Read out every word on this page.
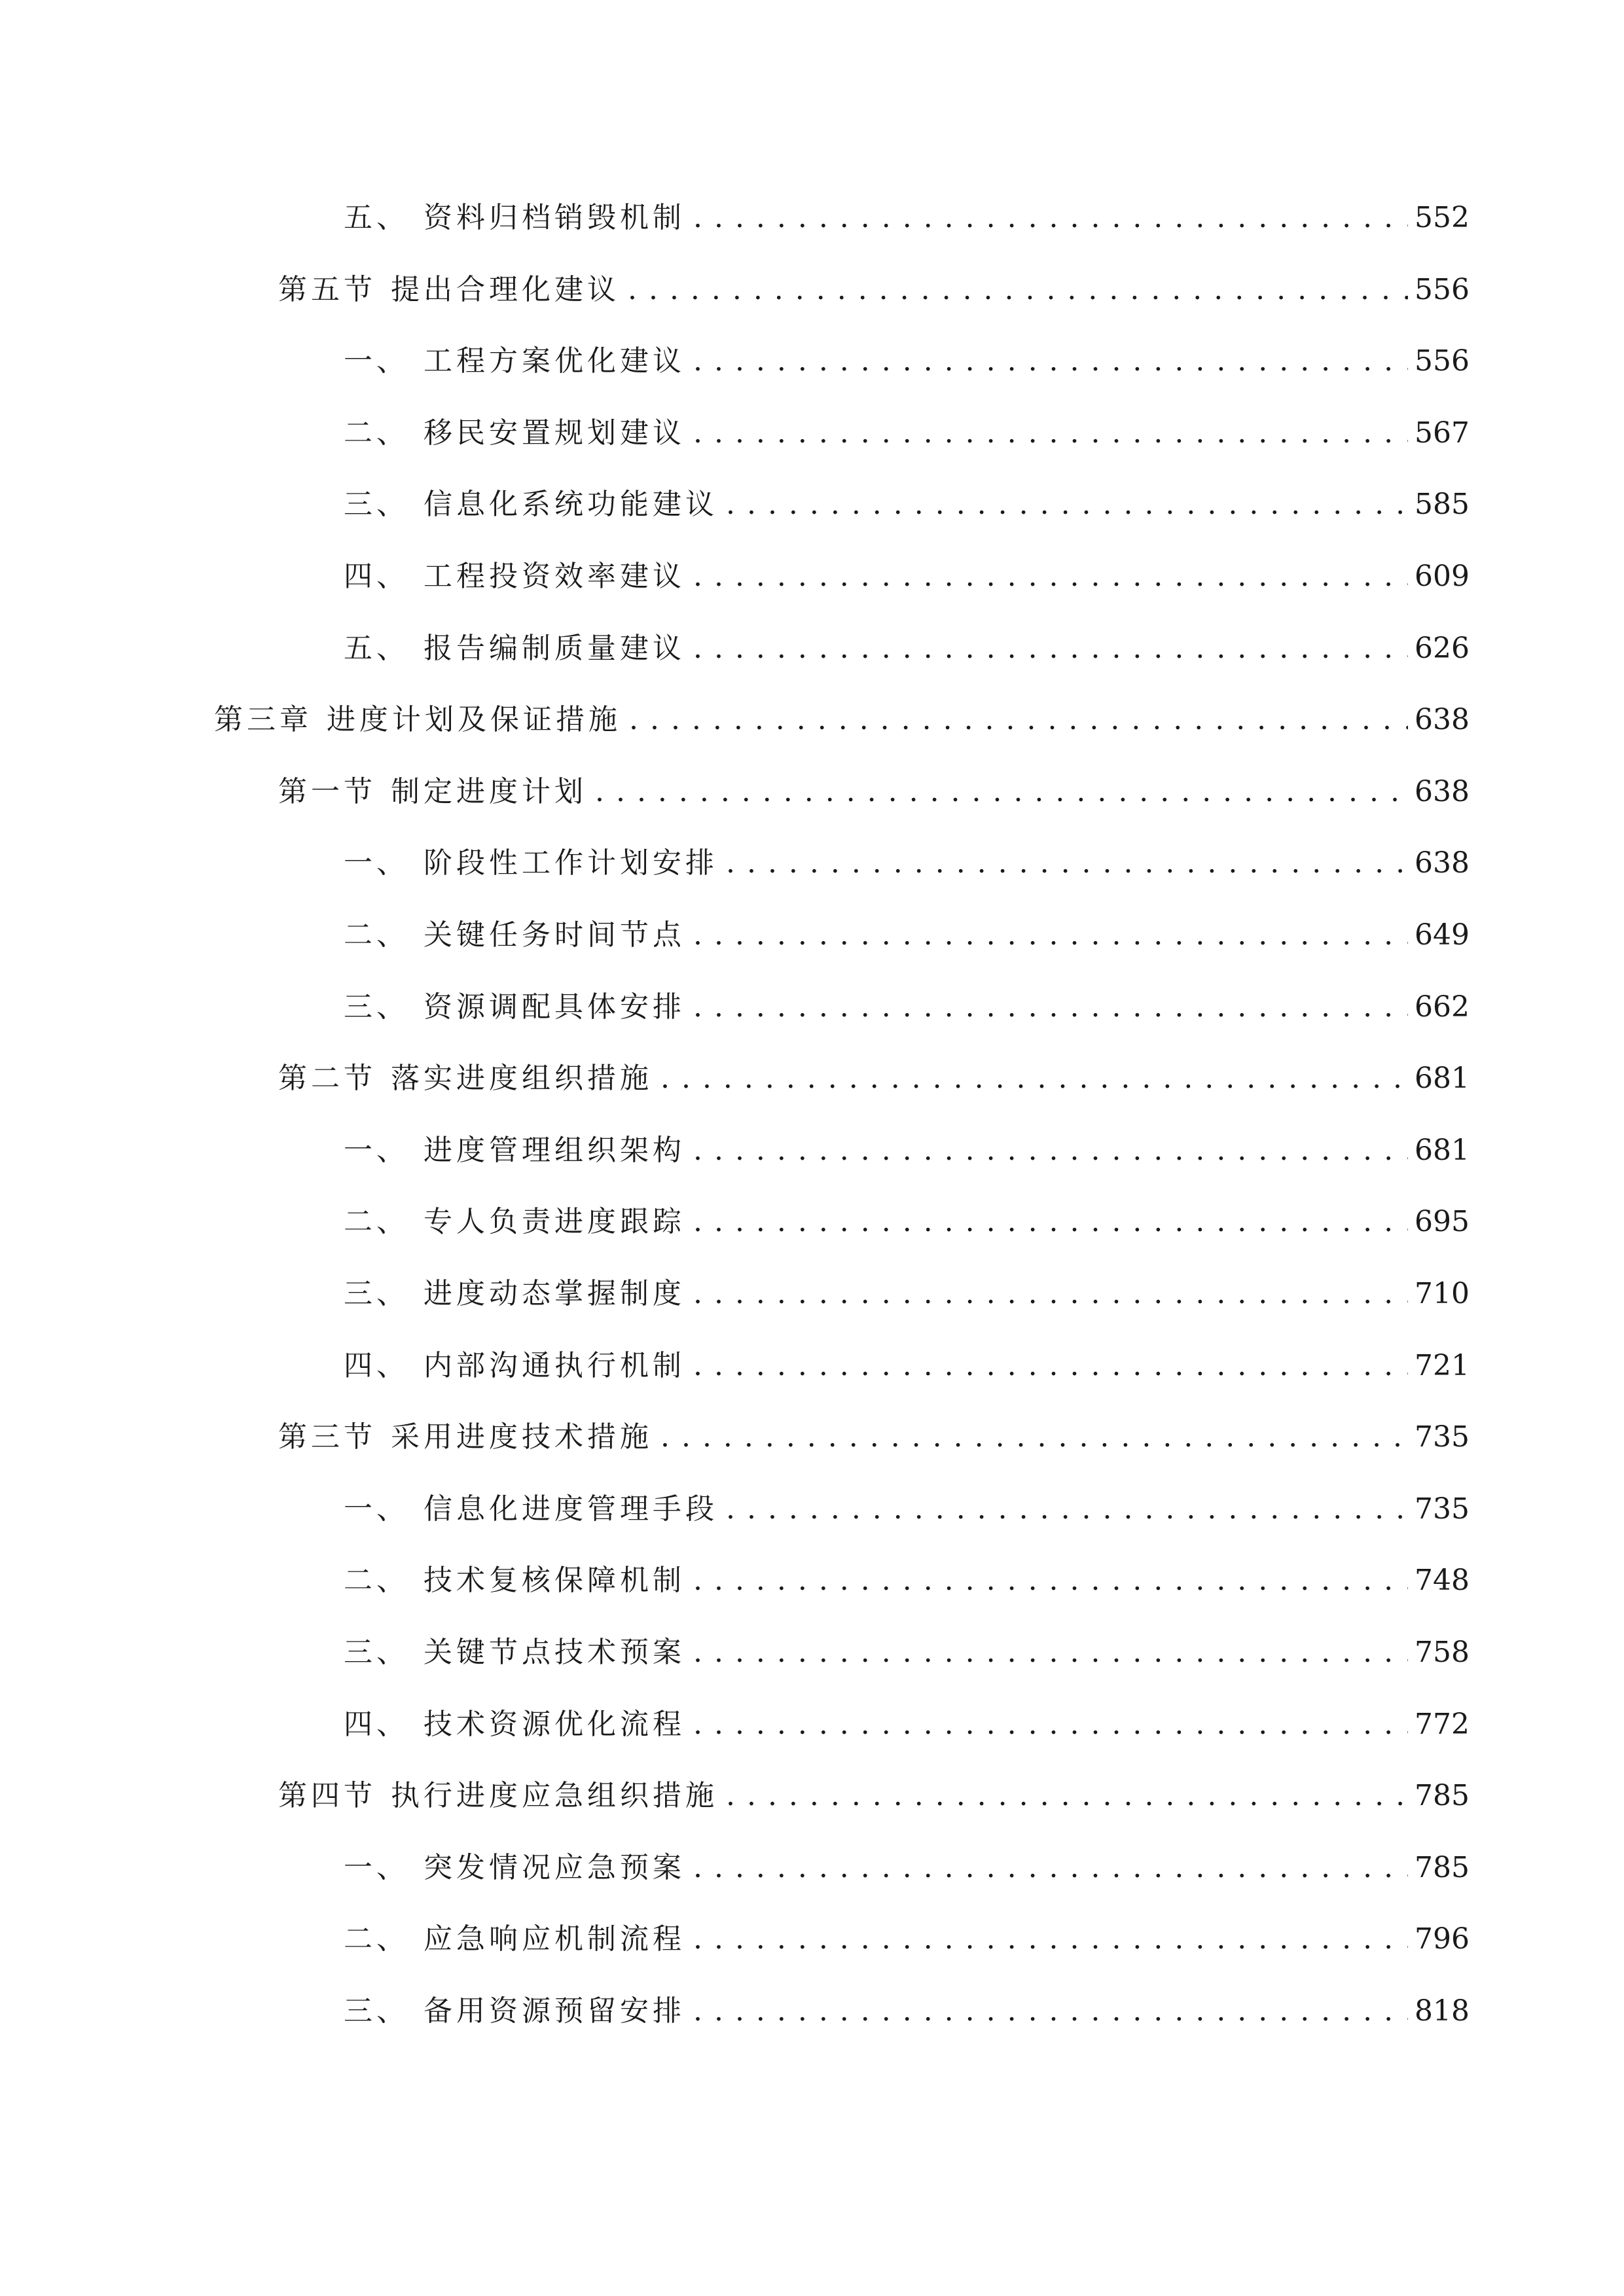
五、 资料归档销毁机制 . . .	552
第五节 提出合理化建议 . . .	556
一、 工程方案优化建议 . . .	556
二、 移民安置规划建议 . . .	567
三、 信息化系统功能建议 . . .	585
四、 工程投资效率建议 . . .	609
五、 报告编制质量建议 . . .	626
第三章 进度计划及保证措施 . . .	638
第一节 制定进度计划 . . .	638
一、 阶段性工作计划安排 . . .	638
二、 关键任务时间节点 . . .	649
三、 资源调配具体安排 . . .	662
第二节 落实进度组织措施 . . .	681
一、 进度管理组织架构 . . .	681
二、 专人负责进度跟踪 . . .	695
三、 进度动态掌握制度 . . .	710
四、 内部沟通执行机制 . . .	721
第三节 采用进度技术措施 . . .	735
一、 信息化进度管理手段 . . .	735
二、 技术复核保障机制 . . .	748
三、 关键节点技术预案 . . .	758
四、 技术资源优化流程 . . .	772
第四节 执行进度应急组织措施 . . .	785
一、 突发情况应急预案 . . .	785
二、 应急响应机制流程 . . .	796
三、 备用资源预留安排 . . .	818
